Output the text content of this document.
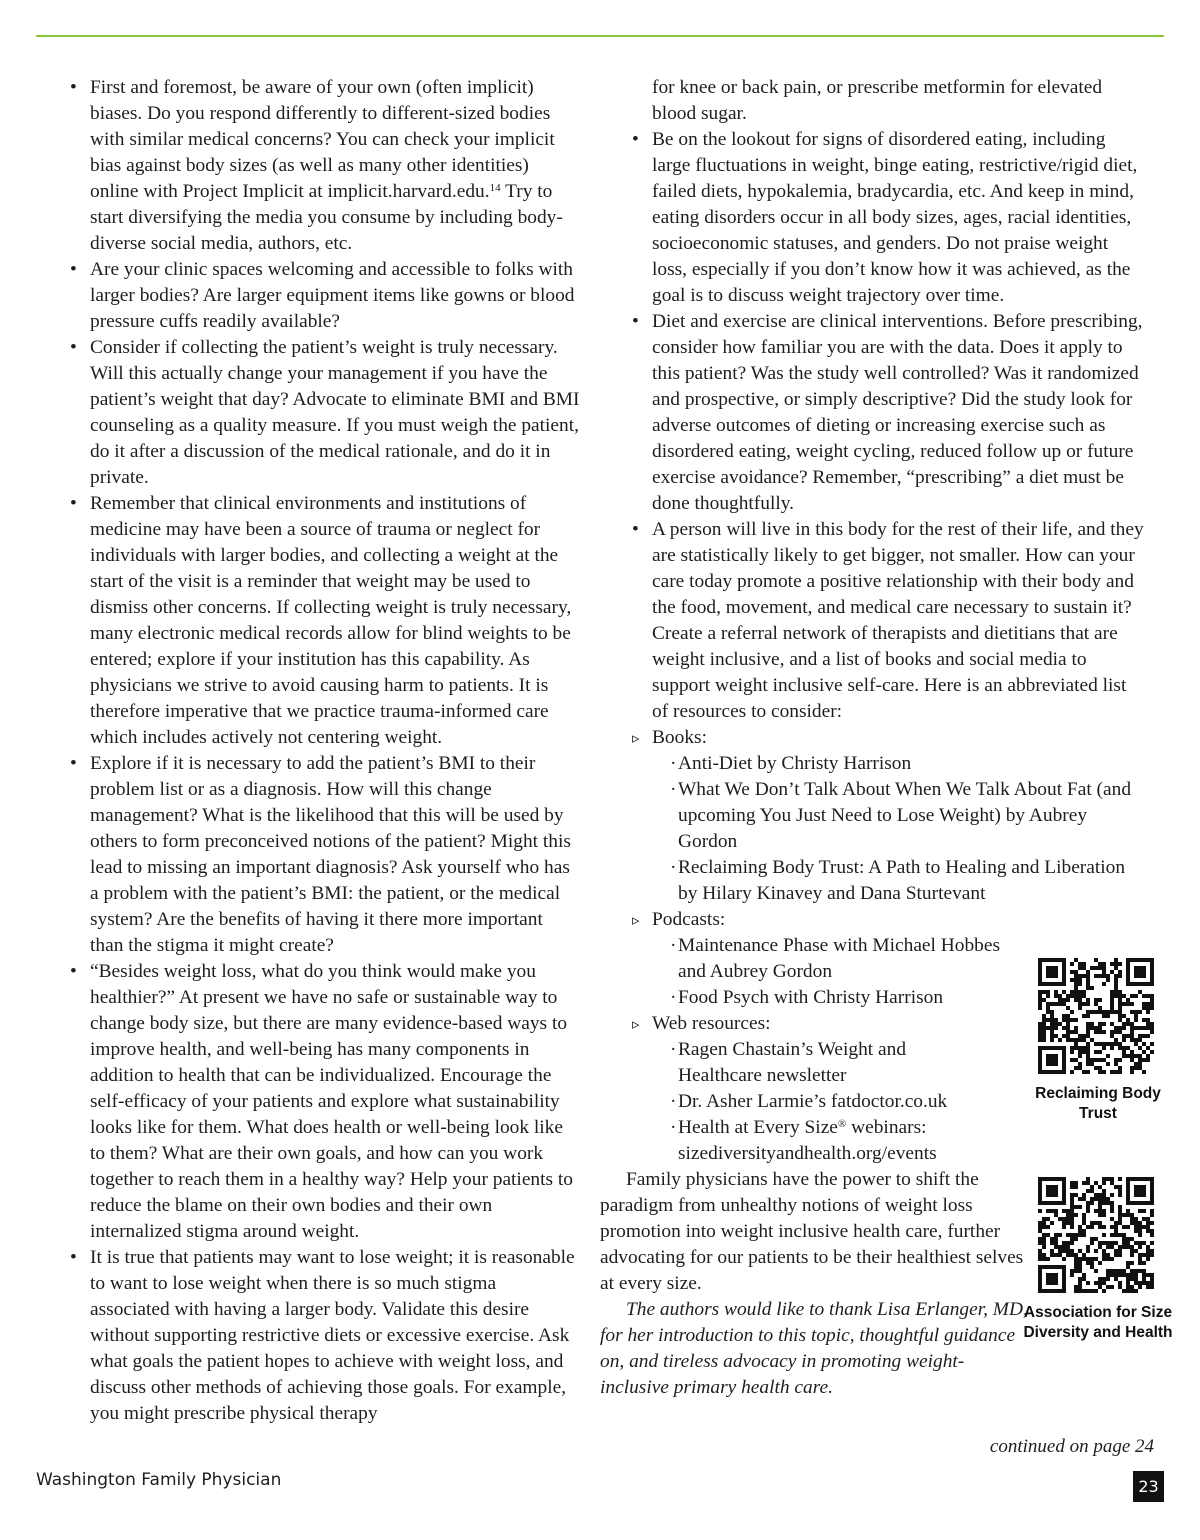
• First and foremost, be aware of your own (often implicit) biases. Do you respond differently to different-sized bodies with similar medical concerns? You can check your implicit bias against body sizes (as well as many other identities) online with Project Implicit at implicit.harvard.edu.$^{14}$ Try to start diversifying the media you consume by including body-diverse social media, authors, etc.
• Are your clinic spaces welcoming and accessible to folks with larger bodies? Are larger equipment items like gowns or blood pressure cuffs readily available?
• Consider if collecting the patient’s weight is truly necessary. Will this actually change your management if you have the patient’s weight that day? Advocate to eliminate BMI and BMI counseling as a quality measure. If you must weigh the patient, do it after a discussion of the medical rationale, and do it in private.
• Remember that clinical environments and institutions of medicine may have been a source of trauma or neglect for individuals with larger bodies, and collecting a weight at the start of the visit is a reminder that weight may be used to dismiss other concerns. If collecting weight is truly necessary, many electronic medical records allow for blind weights to be entered; explore if your institution has this capability. As physicians we strive to avoid causing harm to patients. It is therefore imperative that we practice trauma-informed care which includes actively not centering weight.
• Explore if it is necessary to add the patient’s BMI to their problem list or as a diagnosis. How will this change management? What is the likelihood that this will be used by others to form preconceived notions of the patient? Might this lead to missing an important diagnosis? Ask yourself who has a problem with the patient’s BMI: the patient, or the medical system? Are the benefits of having it there more important than the stigma it might create?
• “Besides weight loss, what do you think would make you healthier?” At present we have no safe or sustainable way to change body size, but there are many evidence-based ways to improve health, and well-being has many components in addition to health that can be individualized. Encourage the self-efficacy of your patients and explore what sustainability looks like for them. What does health or well-being look like to them? What are their own goals, and how can you work together to reach them in a healthy way? Help your patients to reduce the blame on their own bodies and their own internalized stigma around weight.
• It is true that patients may want to lose weight; it is reasonable to want to lose weight when there is so much stigma associated with having a larger body. Validate this desire without supporting restrictive diets or excessive exercise. Ask what goals the patient hopes to achieve with weight loss, and discuss other methods of achieving those goals. For example, you might prescribe physical therapy
for knee or back pain, or prescribe metformin for elevated blood sugar.
• Be on the lookout for signs of disordered eating, including large fluctuations in weight, binge eating, restrictive/rigid diet, failed diets, hypokalemia, bradycardia, etc. And keep in mind, eating disorders occur in all body sizes, ages, racial identities, socioeconomic statuses, and genders. Do not praise weight loss, especially if you don’t know how it was achieved, as the goal is to discuss weight trajectory over time.
• Diet and exercise are clinical interventions. Before prescribing, consider how familiar you are with the data. Does it apply to this patient? Was the study well controlled? Was it randomized and prospective, or simply descriptive? Did the study look for adverse outcomes of dieting or increasing exercise such as disordered eating, weight cycling, reduced follow up or future exercise avoidance? Remember, “prescribing” a diet must be done thoughtfully.
• A person will live in this body for the rest of their life, and they are statistically likely to get bigger, not smaller. How can your care today promote a positive relationship with their body and the food, movement, and medical care necessary to sustain it? Create a referral network of therapists and dietitians that are weight inclusive, and a list of books and social media to support weight inclusive self-care. Here is an abbreviated list of resources to consider:
▹ Books:
· Anti-Diet by Christy Harrison
· What We Don’t Talk About When We Talk About Fat (and upcoming You Just Need to Lose Weight) by Aubrey Gordon
· Reclaiming Body Trust: A Path to Healing and Liberation by Hilary Kinavey and Dana Sturtevant
▹ Podcasts:
· Maintenance Phase with Michael Hobbes and Aubrey Gordon
· Food Psych with Christy Harrison
▹ Web resources:
· Ragen Chastain’s Weight and Healthcare newsletter
· Dr. Asher Larmie’s fatdoctor.co.uk
· Health at Every Size® webinars: sizediversityandhealth.org/events

Family physicians have the power to shift the paradigm from unhealthy notions of weight loss promotion into weight inclusive health care, further advocating for our patients to be their healthiest selves at every size.

The authors would like to thank Lisa Erlanger, MD, for her introduction to this topic, thoughtful guidance on, and tireless advocacy in promoting weight-inclusive primary health care.

Reclaiming Body Trust
Association for Size Diversity and Health
continued on page 24
Washington Family Physician	23
